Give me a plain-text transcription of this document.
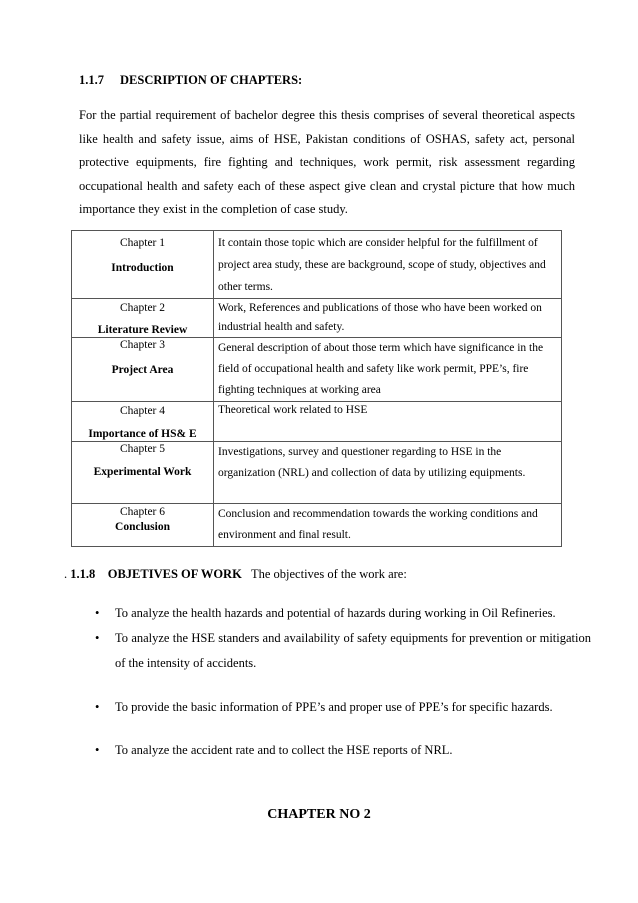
1.1.7 DESCRIPTION OF CHAPTERS:
For the partial requirement of bachelor degree this thesis comprises of several theoretical aspects like health and safety issue, aims of HSE, Pakistan conditions of OSHAS, safety act, personal protective equipments, fire fighting and techniques, work permit, risk assessment regarding occupational health and safety each of these aspect give clean and crystal picture that how much importance they exist in the completion of case study.
Chapter 1
Introduction	It contain those topic which are consider helpful for the fulfillment of project area study, these are background, scope of study, objectives and other terms.

Chapter 2
Literature Review	Work, References and publications of those who have been worked on industrial health and safety.

Chapter 3
Project Area	General description of about those term which have significance in the field of occupational health and safety like work permit, PPE’s, fire fighting techniques at working area

Chapter 4
Importance of HS& E	Theoretical work related to HSE

Chapter 5
Experimental Work	Investigations, survey and questioner regarding to HSE in the organization (NRL) and collection of data by utilizing equipments.

Chapter 6
Conclusion	Conclusion and recommendation towards the working conditions and environment and final result.
. 1.1.8 OBJETIVES OF WORK The objectives of the work are:
• To analyze the health hazards and potential of hazards during working in Oil Refineries.
• To analyze the HSE standers and availability of safety equipments for prevention or mitigation of the intensity of accidents.
• To provide the basic information of PPE’s and proper use of PPE’s for specific hazards.
• To analyze the accident rate and to collect the HSE reports of NRL.
CHAPTER NO 2
